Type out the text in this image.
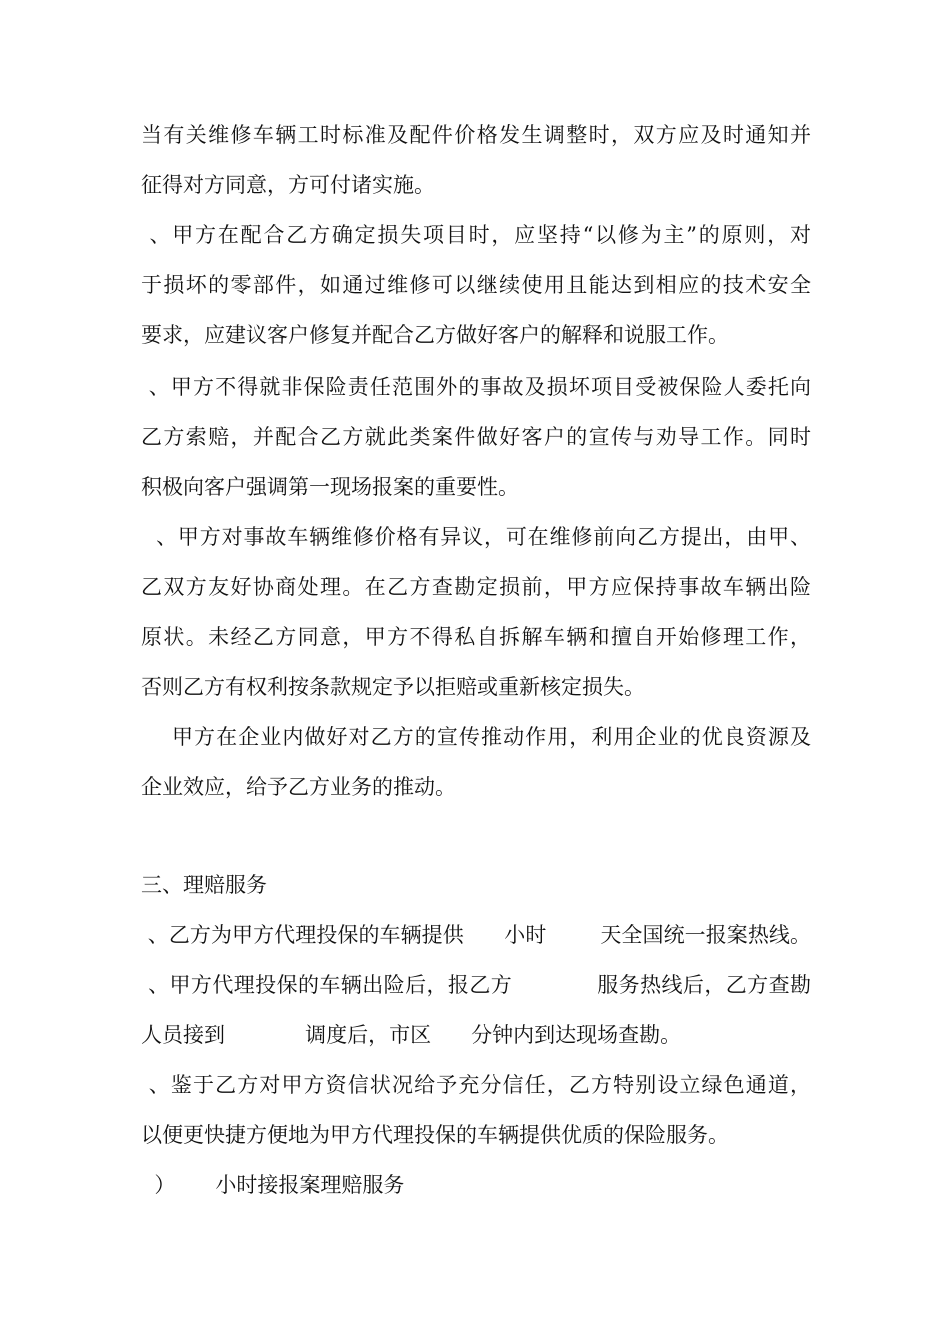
当有关维修车辆工时标准及配件价格发生调整时，双方应及时通知并
征得对方同意，方可付诸实施。
、甲方在配合乙方确定损失项目时，应坚持“以修为主”的原则，对
于损坏的零部件，如通过维修可以继续使用且能达到相应的技术安全
要求，应建议客户修复并配合乙方做好客户的解释和说服工作。
、甲方不得就非保险责任范围外的事故及损坏项目受被保险人委托向
乙方索赔，并配合乙方就此类案件做好客户的宣传与劝导工作。同时
积极向客户强调第一现场报案的重要性。
、甲方对事故车辆维修价格有异议，可在维修前向乙方提出，由甲、
乙双方友好协商处理。在乙方查勘定损前，甲方应保持事故车辆出险
原状。未经乙方同意，甲方不得私自拆解车辆和擅自开始修理工作，
否则乙方有权利按条款规定予以拒赔或重新核定损失。
甲方在企业内做好对乙方的宣传推动作用，利用企业的优良资源及
企业效应，给予乙方业务的推动。
三、理赔服务
、乙方为甲方代理投保的车辆提供      小时        天全国统一报案热线。
、甲方代理投保的车辆出险后，报乙方            服务热线后，乙方查勘
人员接到            调度后，市区      分钟内到达现场查勘。
、鉴于乙方对甲方资信状况给予充分信任，乙方特别设立绿色通道，
以便更快捷方便地为甲方代理投保的车辆提供优质的保险服务。
）      小时接报案理赔服务
